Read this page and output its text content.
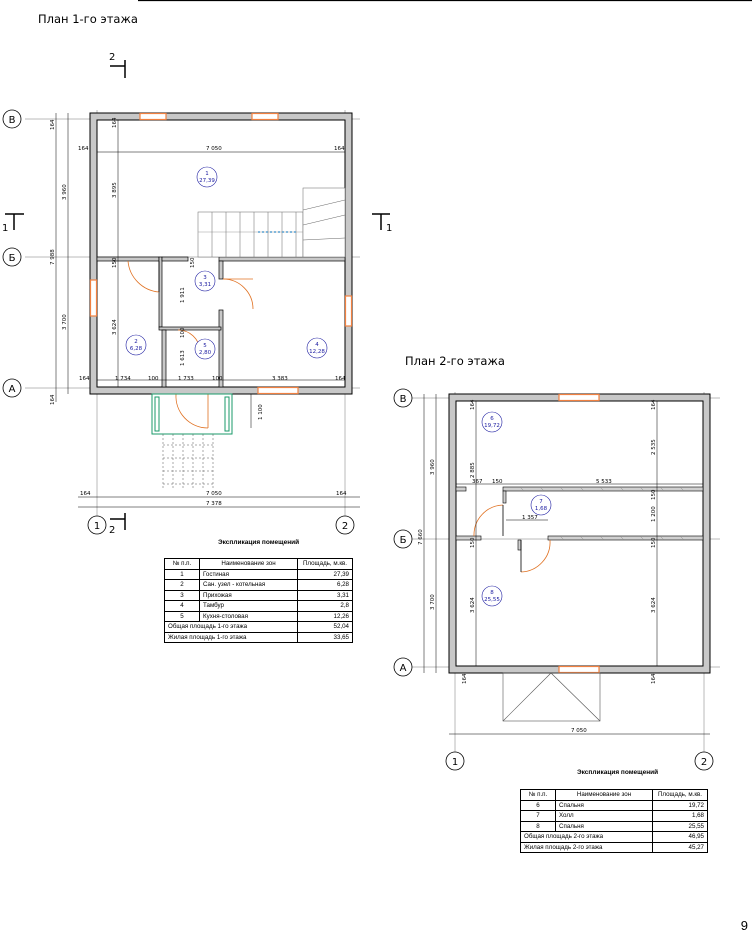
План 1-го этажа
План 2-го этажа
В
Б
А
1	2
1	1
2
2
7 050
164	164
164	1 734	100	1 733	100	3 383	164
7 050
7 378
164	164
164
164
7 988
3 960
3 700
3 895
3 624
150
1 911
100
1 613
1 100
164
150
1
27,39
2
6,28
3
3,31
4
12,28
5
2,80
В
Б
А
1	2
7 660
3 960
3 700
2 885
3 624
164
150
164
2 535
150
1 200
150
3 624
367 150	5 533
1 357
164	164
7 050
6
19,72
7
1,68
8
25,55
Экспликация помещений
№ п.п.	Наименование зон	Площадь, м.кв.
1	Гостиная	27,39
2	Сан. узел - котельная	6,28
3	Прихожая	3,31
4	Тамбур	2,8
5	Кухня-столовая	12,26
Общая площадь 1-го этажа		52,04
Жилая площадь 1-го этажа		33,65
Экспликация помещений
№ п.п.	Наименование зон	Площадь, м.кв.
6	Спальня	19,72
7	Холл	1,68
8	Спальня	25,55
Общая площадь 2-го этажа		46,95
Жилая площадь 2-го этажа		45,27
9
